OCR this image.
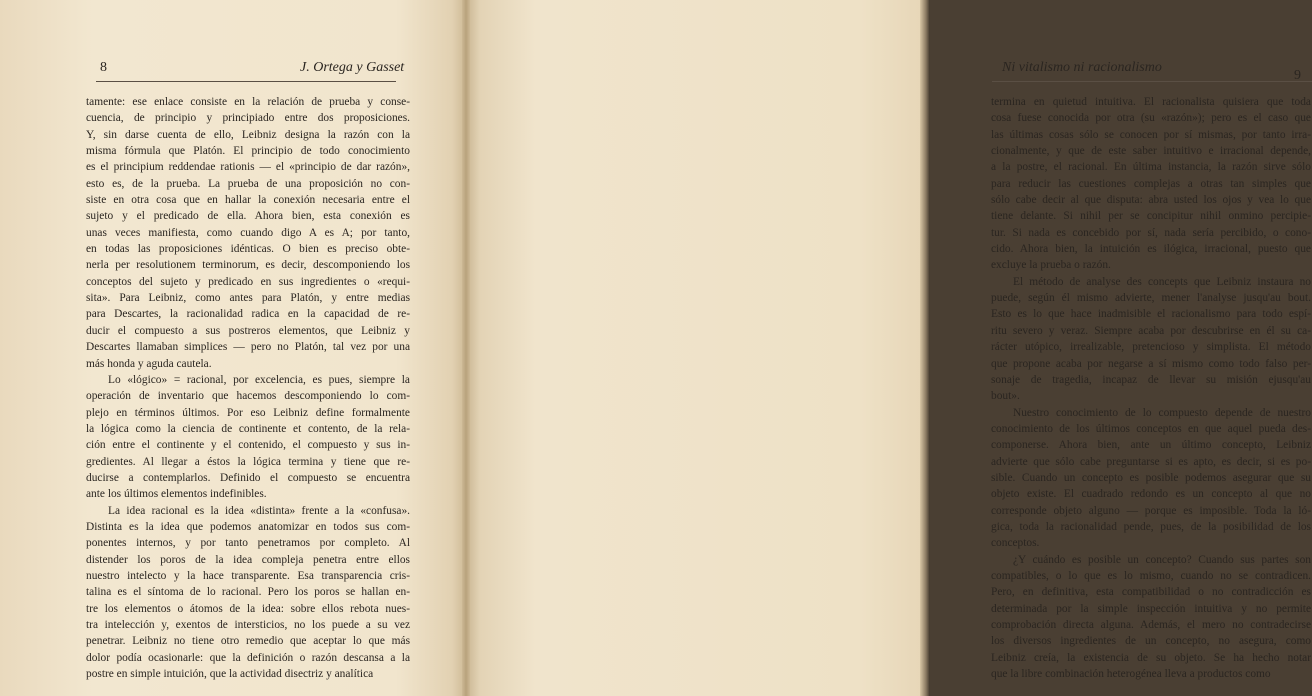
8	J. Ortega y Gasset
tamente: ese enlace consiste en la relación de prueba y conse-
cuencia, de principio y principiado entre dos proposiciones.
Y, sin darse cuenta de ello, Leibniz designa la razón con la
misma fórmula que Platón. El principio de todo conocimiento
es el principium reddendae rationis — el «principio de dar razón»,
esto es, de la prueba. La prueba de una proposición no con-
siste en otra cosa que en hallar la conexión necesaria entre el
sujeto y el predicado de ella. Ahora bien, esta conexión es
unas veces manifiesta, como cuando digo A es A; por tanto,
en todas las proposiciones idénticas. O bien es preciso obte-
nerla per resolutionem terminorum, es decir, descomponiendo los
conceptos del sujeto y predicado en sus ingredientes o «requi-
sita». Para Leibniz, como antes para Platón, y entre medias
para Descartes, la racionalidad radica en la capacidad de re-
ducir el compuesto a sus postreros elementos, que Leibniz y
Descartes llamaban simplices — pero no Platón, tal vez por una
más honda y aguda cautela.
Lo «lógico» = racional, por excelencia, es pues, siempre la
operación de inventario que hacemos descomponiendo lo com-
plejo en términos últimos. Por eso Leibniz define formalmente
la lógica como la ciencia de continente et contento, de la rela-
ción entre el continente y el contenido, el compuesto y sus in-
gredientes. Al llegar a éstos la lógica termina y tiene que re-
ducirse a contemplarlos. Definido el compuesto se encuentra
ante los últimos elementos indefinibles.
La idea racional es la idea «distinta» frente a la «confusa».
Distinta es la idea que podemos anatomizar en todos sus com-
ponentes internos, y por tanto penetramos por completo. Al
distender los poros de la idea compleja penetra entre ellos
nuestro intelecto y la hace transparente. Esa transparencia cris-
talina es el síntoma de lo racional. Pero los poros se hallan en-
tre los elementos o átomos de la idea: sobre ellos rebota nues-
tra intelección y, exentos de intersticios, no los puede a su vez
penetrar. Leibniz no tiene otro remedio que aceptar lo que más
dolor podía ocasionarle: que la definición o razón descansa a la
postre en simple intuición, que la actividad disectriz y analítica
Ni vitalismo ni racionalismo
9
termina en quietud intuitiva. El racionalista quisiera que toda
cosa fuese conocida por otra (su «razón»); pero es el caso que
las últimas cosas sólo se conocen por sí mismas, por tanto irra-
cionalmente, y que de este saber intuitivo e irracional depende,
a la postre, el racional. En última instancia, la razón sirve sólo
para reducir las cuestiones complejas a otras tan simples que
sólo cabe decir al que disputa: abra usted los ojos y vea lo que
tiene delante. Si nihil per se concipitur nihil onmino percipie-
tur. Si nada es concebido por sí, nada sería percibido, o cono-
cido. Ahora bien, la intuición es ilógica, irracional, puesto que
excluye la prueba o razón.
El método de analyse des concepts que Leibniz instaura no
puede, según él mismo advierte, mener l'analyse jusqu'au bout.
Esto es lo que hace inadmisible el racionalismo para todo espí-
ritu severo y veraz. Siempre acaba por descubrirse en él su ca-
rácter utópico, irrealizable, pretencioso y simplista. El método
que propone acaba por negarse a sí mismo como todo falso per-
sonaje de tragedia, incapaz de llevar su misión ejusqu'au
bout».
Nuestro conocimiento de lo compuesto depende de nuestro
conocimiento de los últimos conceptos en que aquel pueda des-
componerse. Ahora bien, ante un último concepto, Leibniz
advierte que sólo cabe preguntarse si es apto, es decir, si es po-
sible. Cuando un concepto es posible podemos asegurar que su
objeto existe. El cuadrado redondo es un concepto al que no
corresponde objeto alguno — porque es imposible. Toda la ló-
gica, toda la racionalidad pende, pues, de la posibilidad de los
conceptos.
¿Y cuándo es posible un concepto? Cuando sus partes son
compatibles, o lo que es lo mismo, cuando no se contradicen.
Pero, en definitiva, esta compatibilidad o no contradicción es
determinada por la simple inspección intuitiva y no permite
comprobación directa alguna. Además, el mero no contradecirse
los diversos ingredientes de un concepto, no asegura, como
Leibniz creía, la existencia de su objeto. Se ha hecho notar
que la libre combinación heterogénea lleva a productos como
